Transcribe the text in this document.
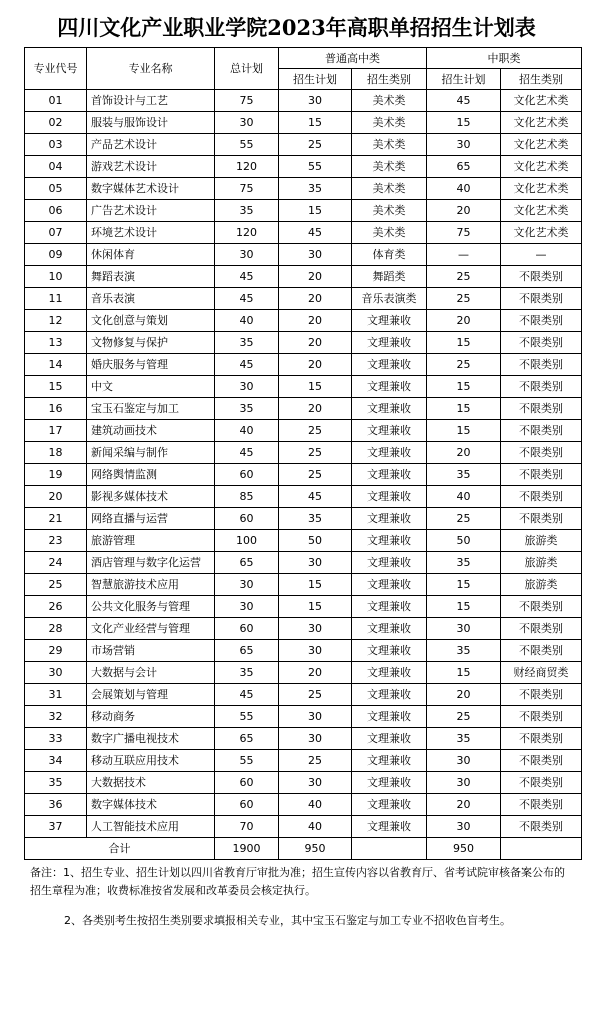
四川文化产业职业学院2023年高职单招招生计划表
专业代号	专业名称	总计划	普通高中类		中职类	
			招生计划	招生类别	招生计划	招生类别
01	首饰设计与工艺	75	30	美术类	45	文化艺术类
02	服装与服饰设计	30	15	美术类	15	文化艺术类
03	产品艺术设计	55	25	美术类	30	文化艺术类
04	游戏艺术设计	120	55	美术类	65	文化艺术类
05	数字媒体艺术设计	75	35	美术类	40	文化艺术类
06	广告艺术设计	35	15	美术类	20	文化艺术类
07	环境艺术设计	120	45	美术类	75	文化艺术类
09	休闲体育	30	30	体育类	—	—
10	舞蹈表演	45	20	舞蹈类	25	不限类别
11	音乐表演	45	20	音乐表演类	25	不限类别
12	文化创意与策划	40	20	文理兼收	20	不限类别
13	文物修复与保护	35	20	文理兼收	15	不限类别
14	婚庆服务与管理	45	20	文理兼收	25	不限类别
15	中文	30	15	文理兼收	15	不限类别
16	宝玉石鉴定与加工	35	20	文理兼收	15	不限类别
17	建筑动画技术	40	25	文理兼收	15	不限类别
18	新闻采编与制作	45	25	文理兼收	20	不限类别
19	网络舆情监测	60	25	文理兼收	35	不限类别
20	影视多媒体技术	85	45	文理兼收	40	不限类别
21	网络直播与运营	60	35	文理兼收	25	不限类别
23	旅游管理	100	50	文理兼收	50	旅游类
24	酒店管理与数字化运营	65	30	文理兼收	35	旅游类
25	智慧旅游技术应用	30	15	文理兼收	15	旅游类
26	公共文化服务与管理	30	15	文理兼收	15	不限类别
28	文化产业经营与管理	60	30	文理兼收	30	不限类别
29	市场营销	65	30	文理兼收	35	不限类别
30	大数据与会计	35	20	文理兼收	15	财经商贸类
31	会展策划与管理	45	25	文理兼收	20	不限类别
32	移动商务	55	30	文理兼收	25	不限类别
33	数字广播电视技术	65	30	文理兼收	35	不限类别
34	移动互联应用技术	55	25	文理兼收	30	不限类别
35	大数据技术	60	30	文理兼收	30	不限类别
36	数字媒体技术	60	40	文理兼收	20	不限类别
37	人工智能技术应用	70	40	文理兼收	30	不限类别
合计		1900	950		950	

备注：1、招生专业、招生计划以四川省教育厅审批为准；招生宣传内容以省教育厅、省考试院审核备案公布的招生章程为准；收费标准按省发展和改革委员会核定执行。

2、各类别考生按招生类别要求填报相关专业，其中宝玉石鉴定与加工专业不招收色盲考生。
